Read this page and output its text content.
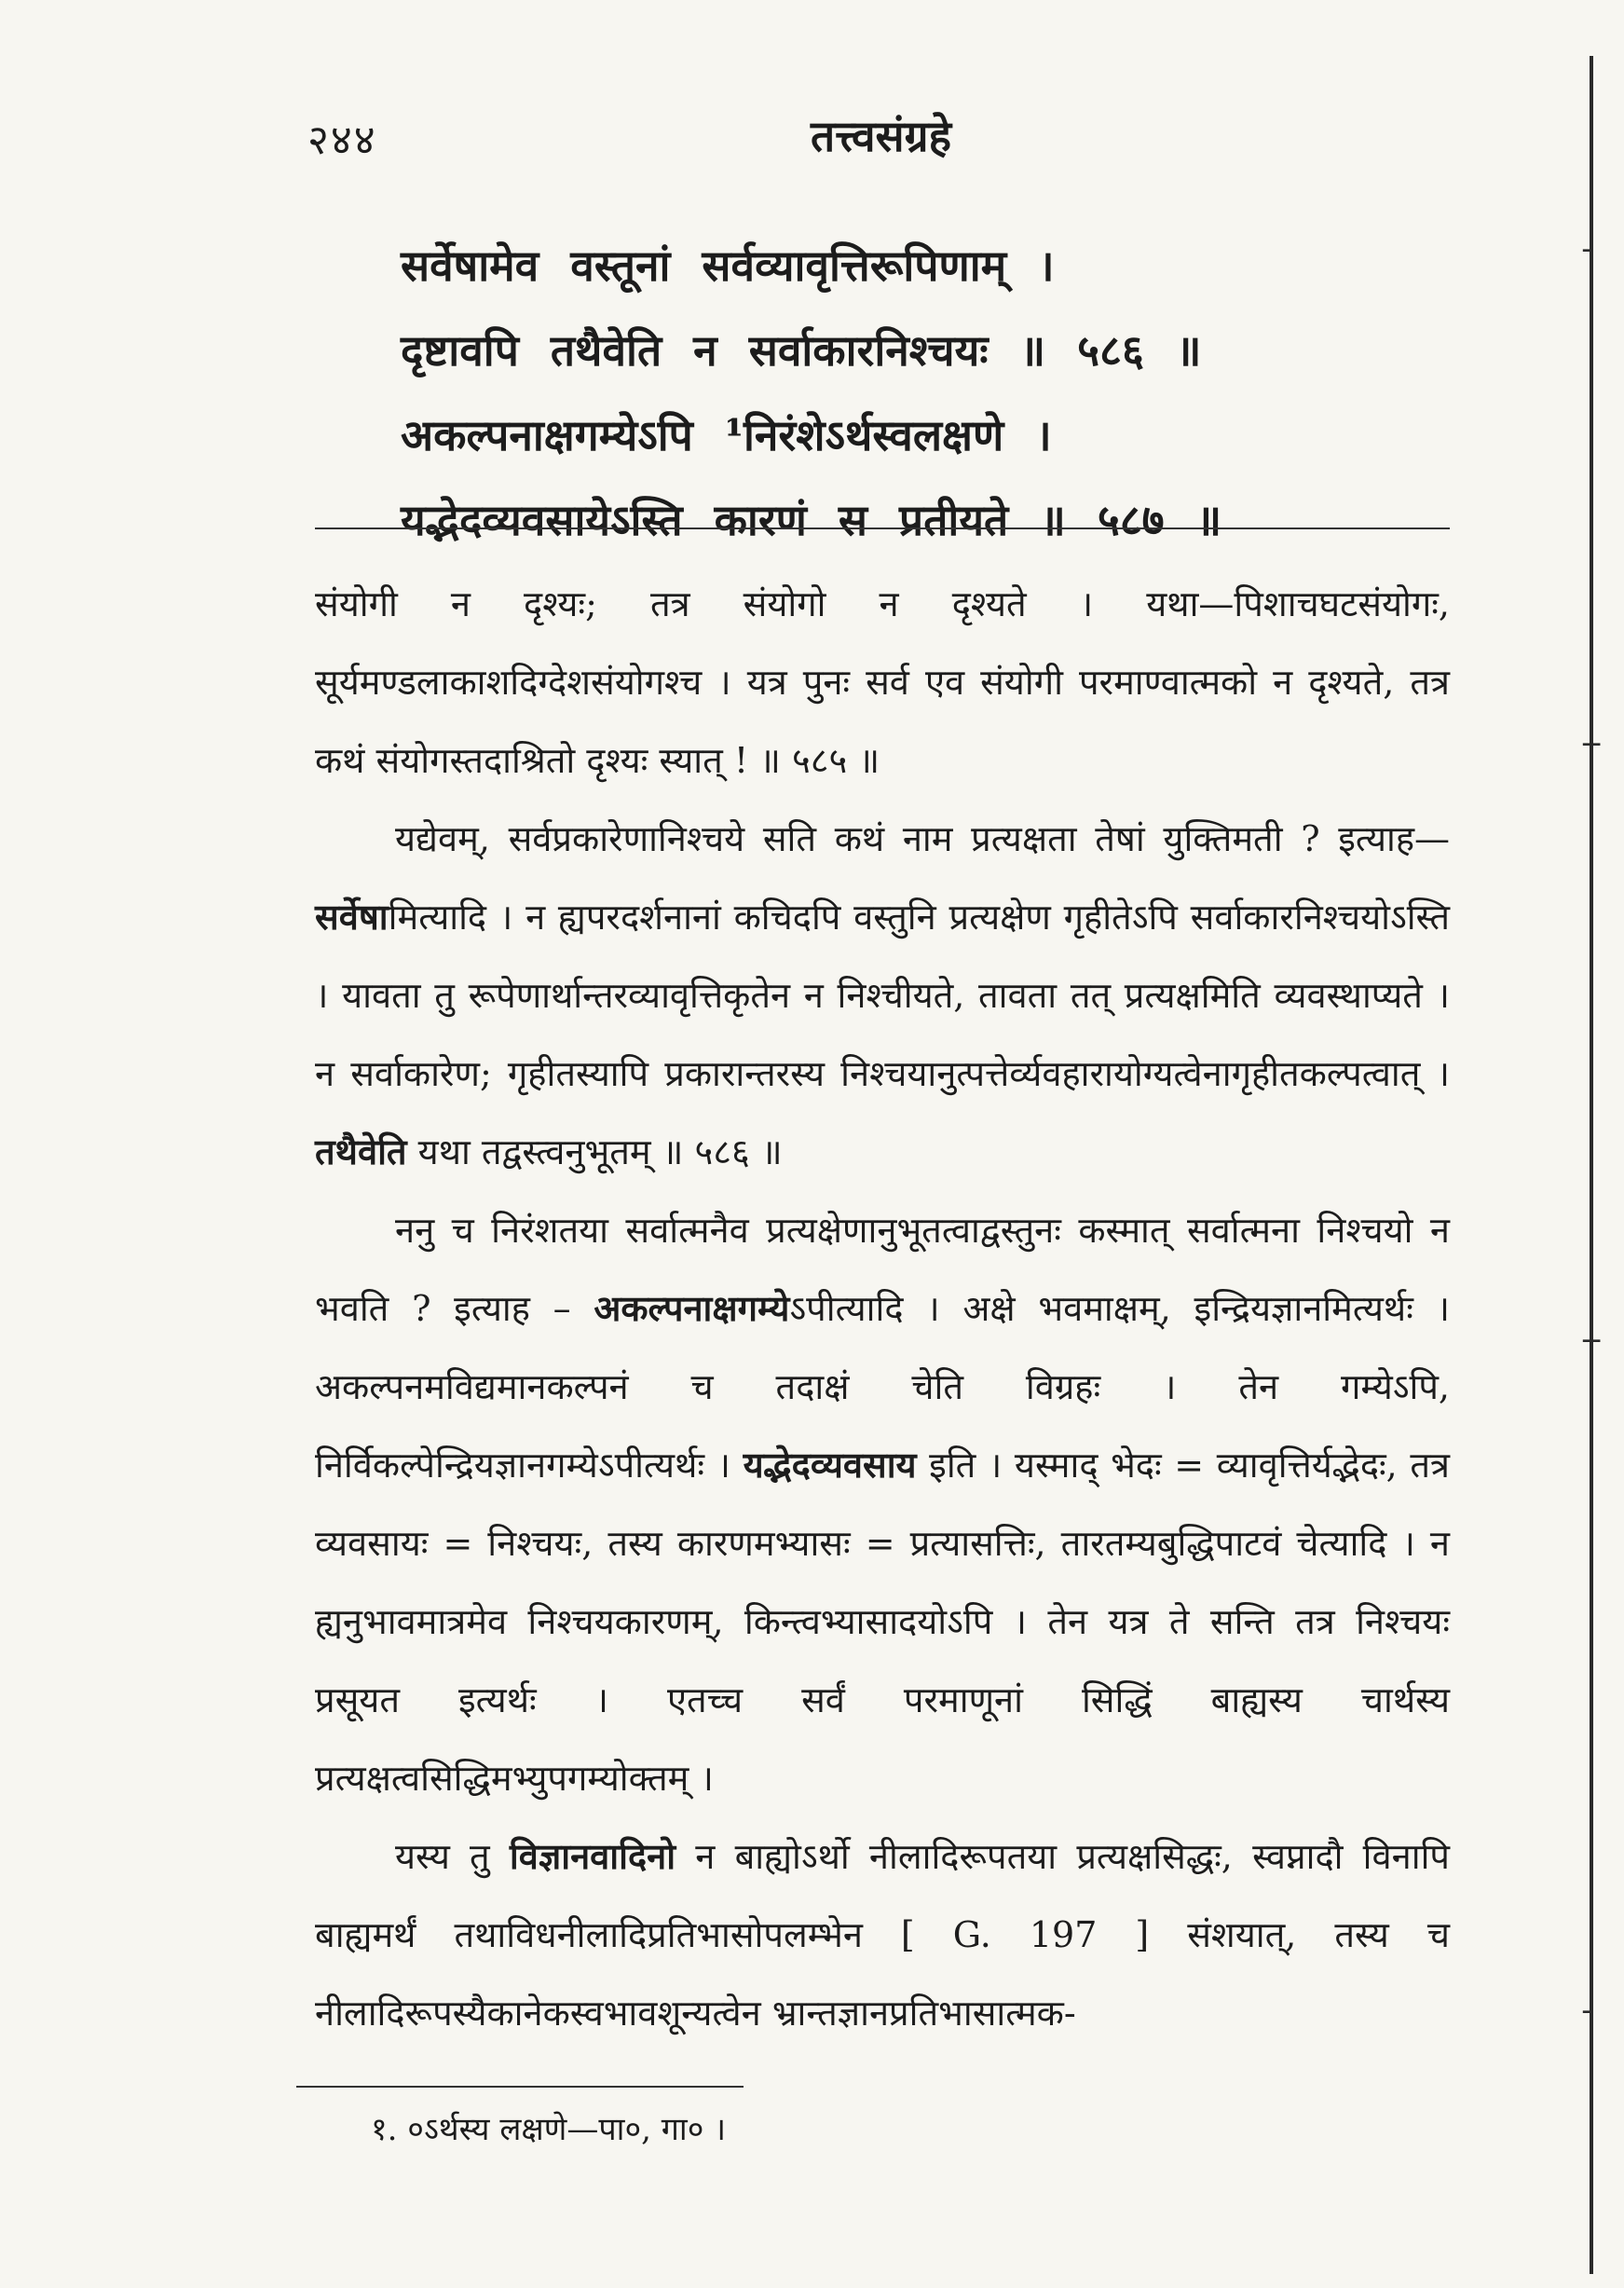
२४४	तत्त्वसंग्रहे
सर्वेषामेव वस्तूनां सर्वव्यावृत्तिरूपिणाम् ।
दृष्टावपि तथैवेति न सर्वाकारनिश्चयः ॥ ५८६ ॥
अकल्पनाक्षगम्येऽपि ¹निरंशेऽर्थस्वलक्षणे ।
यद्भेदव्यवसायेऽस्ति कारणं स प्रतीयते ॥ ५८७ ॥

संयोगी न दृश्यः; तत्र संयोगो न दृश्यते । यथा—पिशाचघटसंयोगः, सूर्यमण्डलाकाशदिग्देशसंयोगश्च । यत्र पुनः सर्व एव संयोगी परमाण्वात्मको न दृश्यते, तत्र कथं संयोगस्तदाश्रितो दृश्यः स्यात् ! ॥ ५८५ ॥

यद्येवम्, सर्वप्रकारेणानिश्चये सति कथं नाम प्रत्यक्षता तेषां युक्तिमती ? इत्याह—सर्वेषामित्यादि । न ह्यपरदर्शनानां कचिदपि वस्तुनि प्रत्यक्षेण गृहीतेऽपि सर्वाकारनिश्चयोऽस्ति । यावता तु रूपेणार्थान्तरव्यावृत्तिकृतेन न निश्चीयते, तावता तत् प्रत्यक्षमिति व्यवस्थाप्यते । न सर्वाकारेण; गृहीतस्यापि प्रकारान्तरस्य निश्चयानुत्पत्तेर्व्यवहारायोग्यत्वेनागृहीतकल्पत्वात् । तथैवेति यथा तद्वस्त्वनुभूतम् ॥ ५८६ ॥

ननु च निरंशतया सर्वात्मनैव प्रत्यक्षेणानुभूतत्वाद्वस्तुनः कस्मात् सर्वात्मना निश्चयो न भवति ? इत्याह – अकल्पनाक्षगम्येऽपीत्यादि । अक्षे भवमाक्षम्, इन्द्रियज्ञानमित्यर्थः । अकल्पनमविद्यमानकल्पनं च तदाक्षं चेति विग्रहः । तेन गम्येऽपि, निर्विकल्पेन्द्रियज्ञानगम्येऽपीत्यर्थः । यद्भेदव्यवसाय इति । यस्माद् भेदः = व्यावृत्तिर्यद्भेदः, तत्र व्यवसायः = निश्चयः, तस्य कारणमभ्यासः = प्रत्यासत्तिः, तारतम्यबुद्धिपाटवं चेत्यादि । न ह्यनुभावमात्रमेव निश्चयकारणम्, किन्त्वभ्यासादयोऽपि । तेन यत्र ते सन्ति तत्र निश्चयः प्रसूयत इत्यर्थः । एतच्च सर्वं परमाणूनां सिद्धिं बाह्यस्य चार्थस्य प्रत्यक्षत्वसिद्धिमभ्युपगम्योक्तम् ।

यस्य तु विज्ञानवादिनो न बाह्योऽर्थो नीलादिरूपतया प्रत्यक्षसिद्धः, स्वप्नादौ विनापि बाह्यमर्थं तथाविधनीलादिप्रतिभासोपलम्भेन [ G. 197 ] संशयात्, तस्य च नीलादिरूपस्यैकानेकस्वभावशून्यत्वेन भ्रान्तज्ञानप्रतिभासात्मक-

१. ०ऽर्थस्य लक्षणे—पा०, गा० ।
┤
┼
┼
┤
